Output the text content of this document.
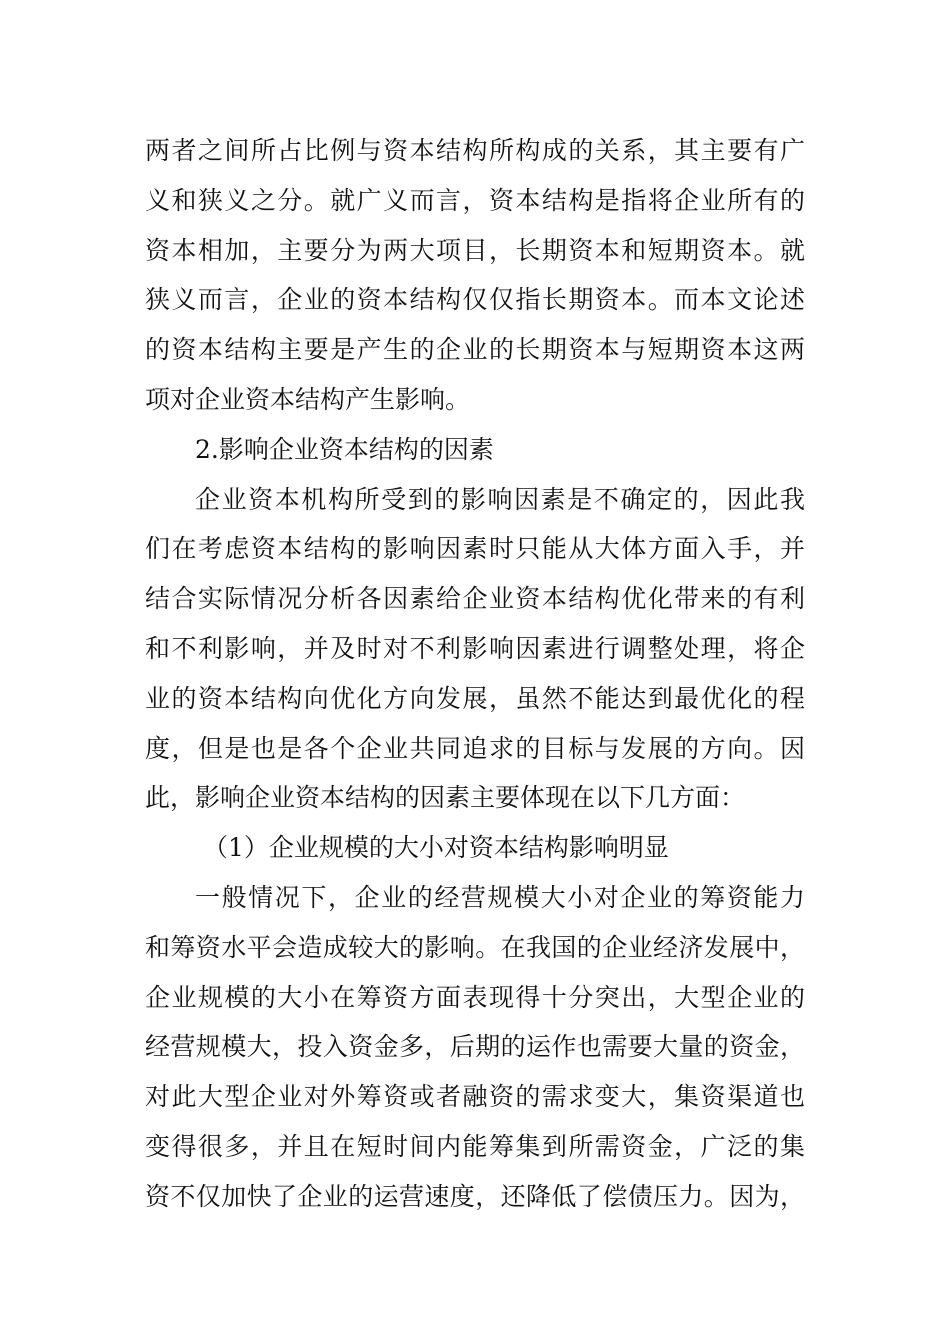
两者之间所占比例与资本结构所构成的关系，其主要有广
义和狭义之分。就广义而言，资本结构是指将企业所有的
资本相加，主要分为两大项目，长期资本和短期资本。就
狭义而言，企业的资本结构仅仅指长期资本。而本文论述
的资本结构主要是产生的企业的长期资本与短期资本这两
项对企业资本结构产生影响。
2.影响企业资本结构的因素
企业资本机构所受到的影响因素是不确定的，因此我
们在考虑资本结构的影响因素时只能从大体方面入手，并
结合实际情况分析各因素给企业资本结构优化带来的有利
和不利影响，并及时对不利影响因素进行调整处理，将企
业的资本结构向优化方向发展，虽然不能达到最优化的程
度，但是也是各个企业共同追求的目标与发展的方向。因
此，影响企业资本结构的因素主要体现在以下几方面：
（1）企业规模的大小对资本结构影响明显
一般情况下，企业的经营规模大小对企业的筹资能力
和筹资水平会造成较大的影响。在我国的企业经济发展中，
企业规模的大小在筹资方面表现得十分突出，大型企业的
经营规模大，投入资金多，后期的运作也需要大量的资金，
对此大型企业对外筹资或者融资的需求变大，集资渠道也
变得很多，并且在短时间内能筹集到所需资金，广泛的集
资不仅加快了企业的运营速度，还降低了偿债压力。因为，
